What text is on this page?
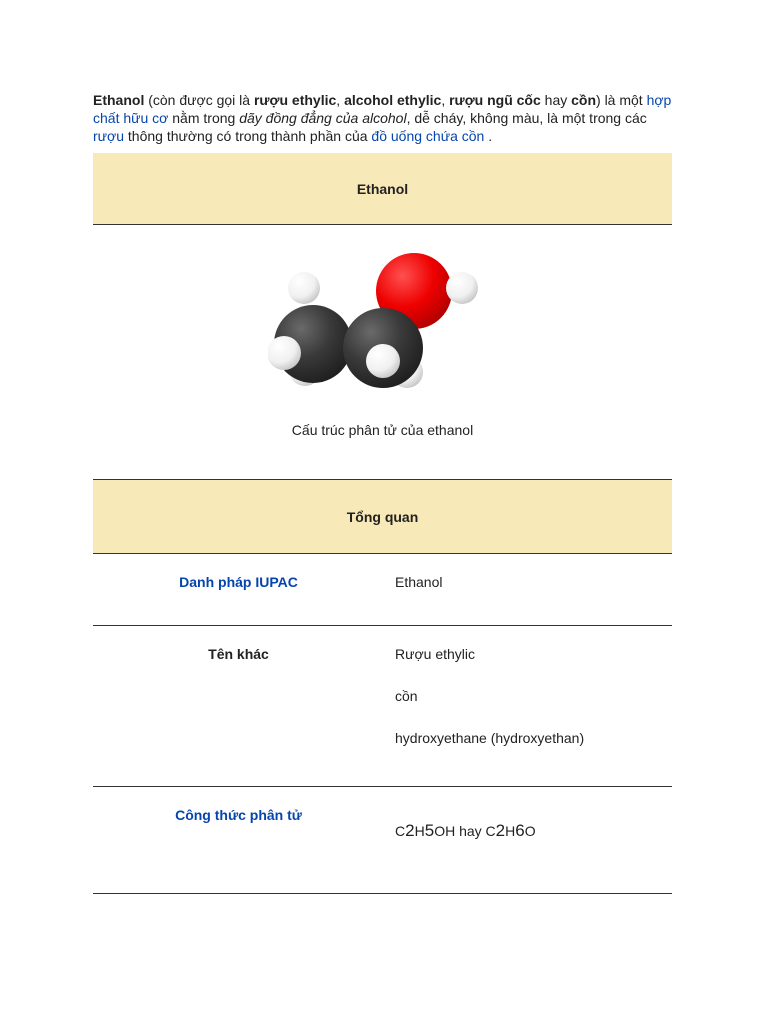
Ethanol (còn được gọi là rượu ethylic, alcohol ethylic, rượu ngũ cốc hay cồn) là một hợp chất hữu cơ nằm trong dãy đồng đẳng của alcohol, dễ cháy, không màu, là một trong các rượu thông thường có trong thành phần của đồ uống chứa cồn .

Ethanol	

Cấu trúc phân tử của ethanol	

Tổng quan	
Danh pháp IUPAC	Ethanol
Tên khác	Rượu ethylic
cồn
hydroxyethane (hydroxyethan)

Công thức phân tử	C2H5OH hay C2H6O
